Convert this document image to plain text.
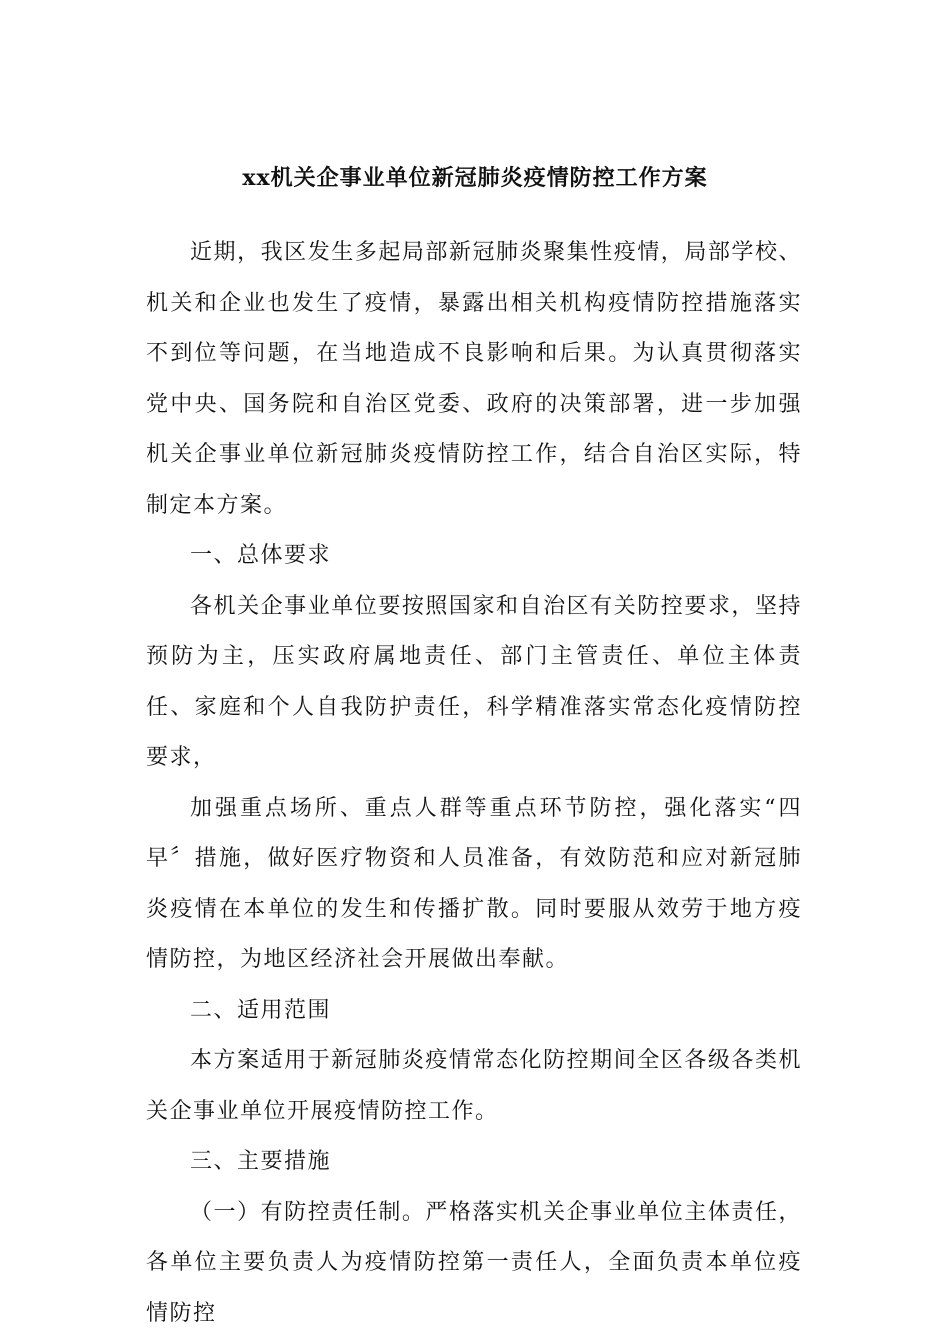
xx机关企事业单位新冠肺炎疫情防控工作方案

近期，我区发生多起局部新冠肺炎聚集性疫情，局部学校、机关和企业也发生了疫情，暴露出相关机构疫情防控措施落实不到位等问题，在当地造成不良影响和后果。为认真贯彻落实党中央、国务院和自治区党委、政府的决策部署，进一步加强机关企事业单位新冠肺炎疫情防控工作，结合自治区实际，特制定本方案。

一、总体要求

各机关企事业单位要按照国家和自治区有关防控要求，坚持预防为主，压实政府属地责任、部门主管责任、单位主体责任、家庭和个人自我防护责任，科学精准落实常态化疫情防控要求，

加强重点场所、重点人群等重点环节防控，强化落实“四早〞措施，做好医疗物资和人员准备，有效防范和应对新冠肺炎疫情在本单位的发生和传播扩散。同时要服从效劳于地方疫情防控，为地区经济社会开展做出奉献。

二、适用范围

本方案适用于新冠肺炎疫情常态化防控期间全区各级各类机关企事业单位开展疫情防控工作。

三、主要措施

（一）有防控责任制。严格落实机关企事业单位主体责任，各单位主要负责人为疫情防控第一责任人，全面负责本单位疫情防控
